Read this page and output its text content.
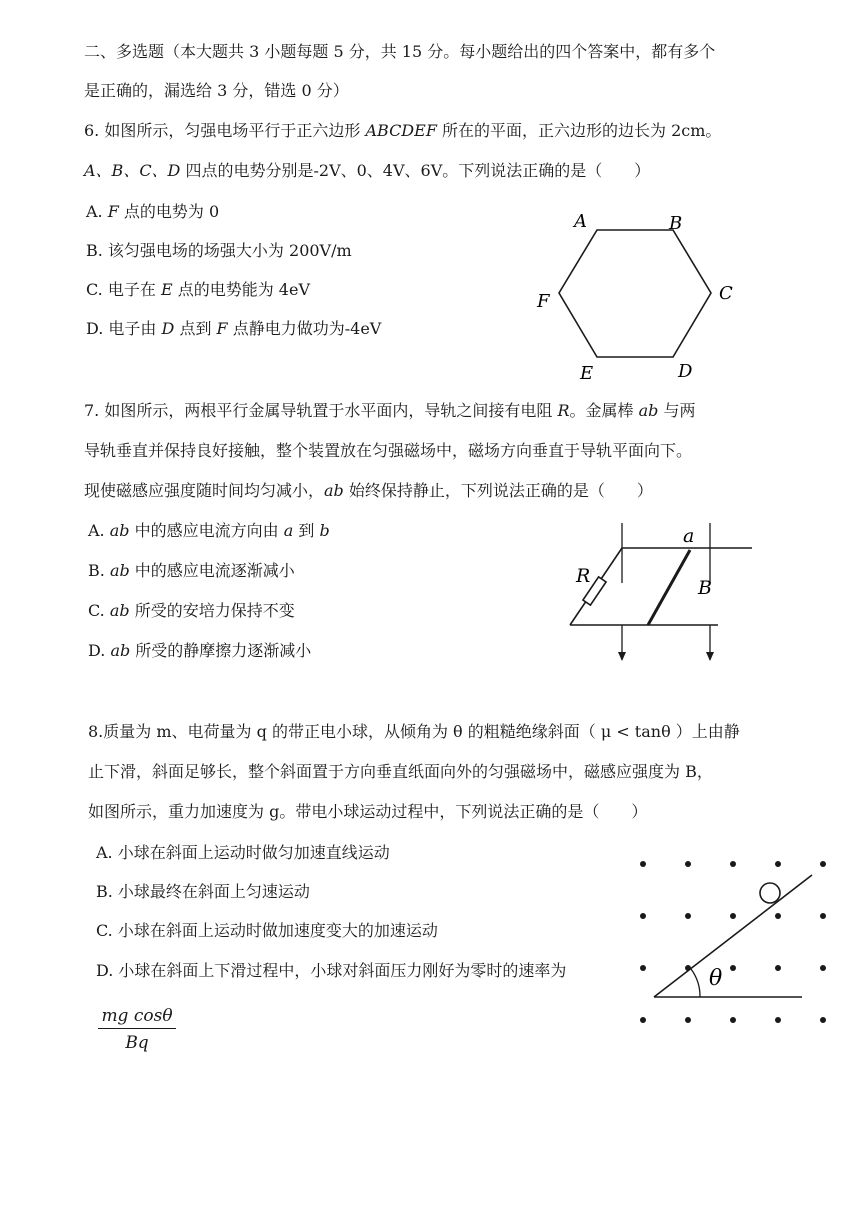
二、多选题（本大题共 3 小题每题 5 分，共 15 分。每小题给出的四个答案中，都有多个
是正确的，漏选给 3 分，错选 0 分）
6. 如图所示，匀强电场平行于正六边形 ABCDEF 所在的平面，正六边形的边长为 2cm。
A、B、C、D 四点的电势分别是-2V、0、4V、6V。下列说法正确的是（　　）
A. F 点的电势为 0
B. 该匀强电场的场强大小为 200V/m
C. 电子在 E 点的电势能为 4eV
D. 电子由 D 点到 F 点静电力做功为-4eV
A	B
C
D
E
F
7. 如图所示，两根平行金属导轨置于水平面内，导轨之间接有电阻 R。金属棒 ab 与两
导轨垂直并保持良好接触，整个装置放在匀强磁场中，磁场方向垂直于导轨平面向下。
现使磁感应强度随时间均匀减小，ab 始终保持静止，下列说法正确的是（　　）
A. ab 中的感应电流方向由 a 到 b
B. ab 中的感应电流逐渐减小
C. ab 所受的安培力保持不变
D. ab 所受的静摩擦力逐渐减小
a
R
B
8.质量为 m、电荷量为 q 的带正电小球，从倾角为 θ 的粗糙绝缘斜面（ μ < tanθ ）上由静
止下滑，斜面足够长，整个斜面置于方向垂直纸面向外的匀强磁场中，磁感应强度为 B，
如图所示，重力加速度为 g。带电小球运动过程中，下列说法正确的是（　　）
A. 小球在斜面上运动时做匀加速直线运动
B. 小球最终在斜面上匀速运动
C. 小球在斜面上运动时做加速度变大的加速运动
D. 小球在斜面上下滑过程中，小球对斜面压力刚好为零时的速率为
$\frac{\text{mg cosθ}}{Bq}$
θ
